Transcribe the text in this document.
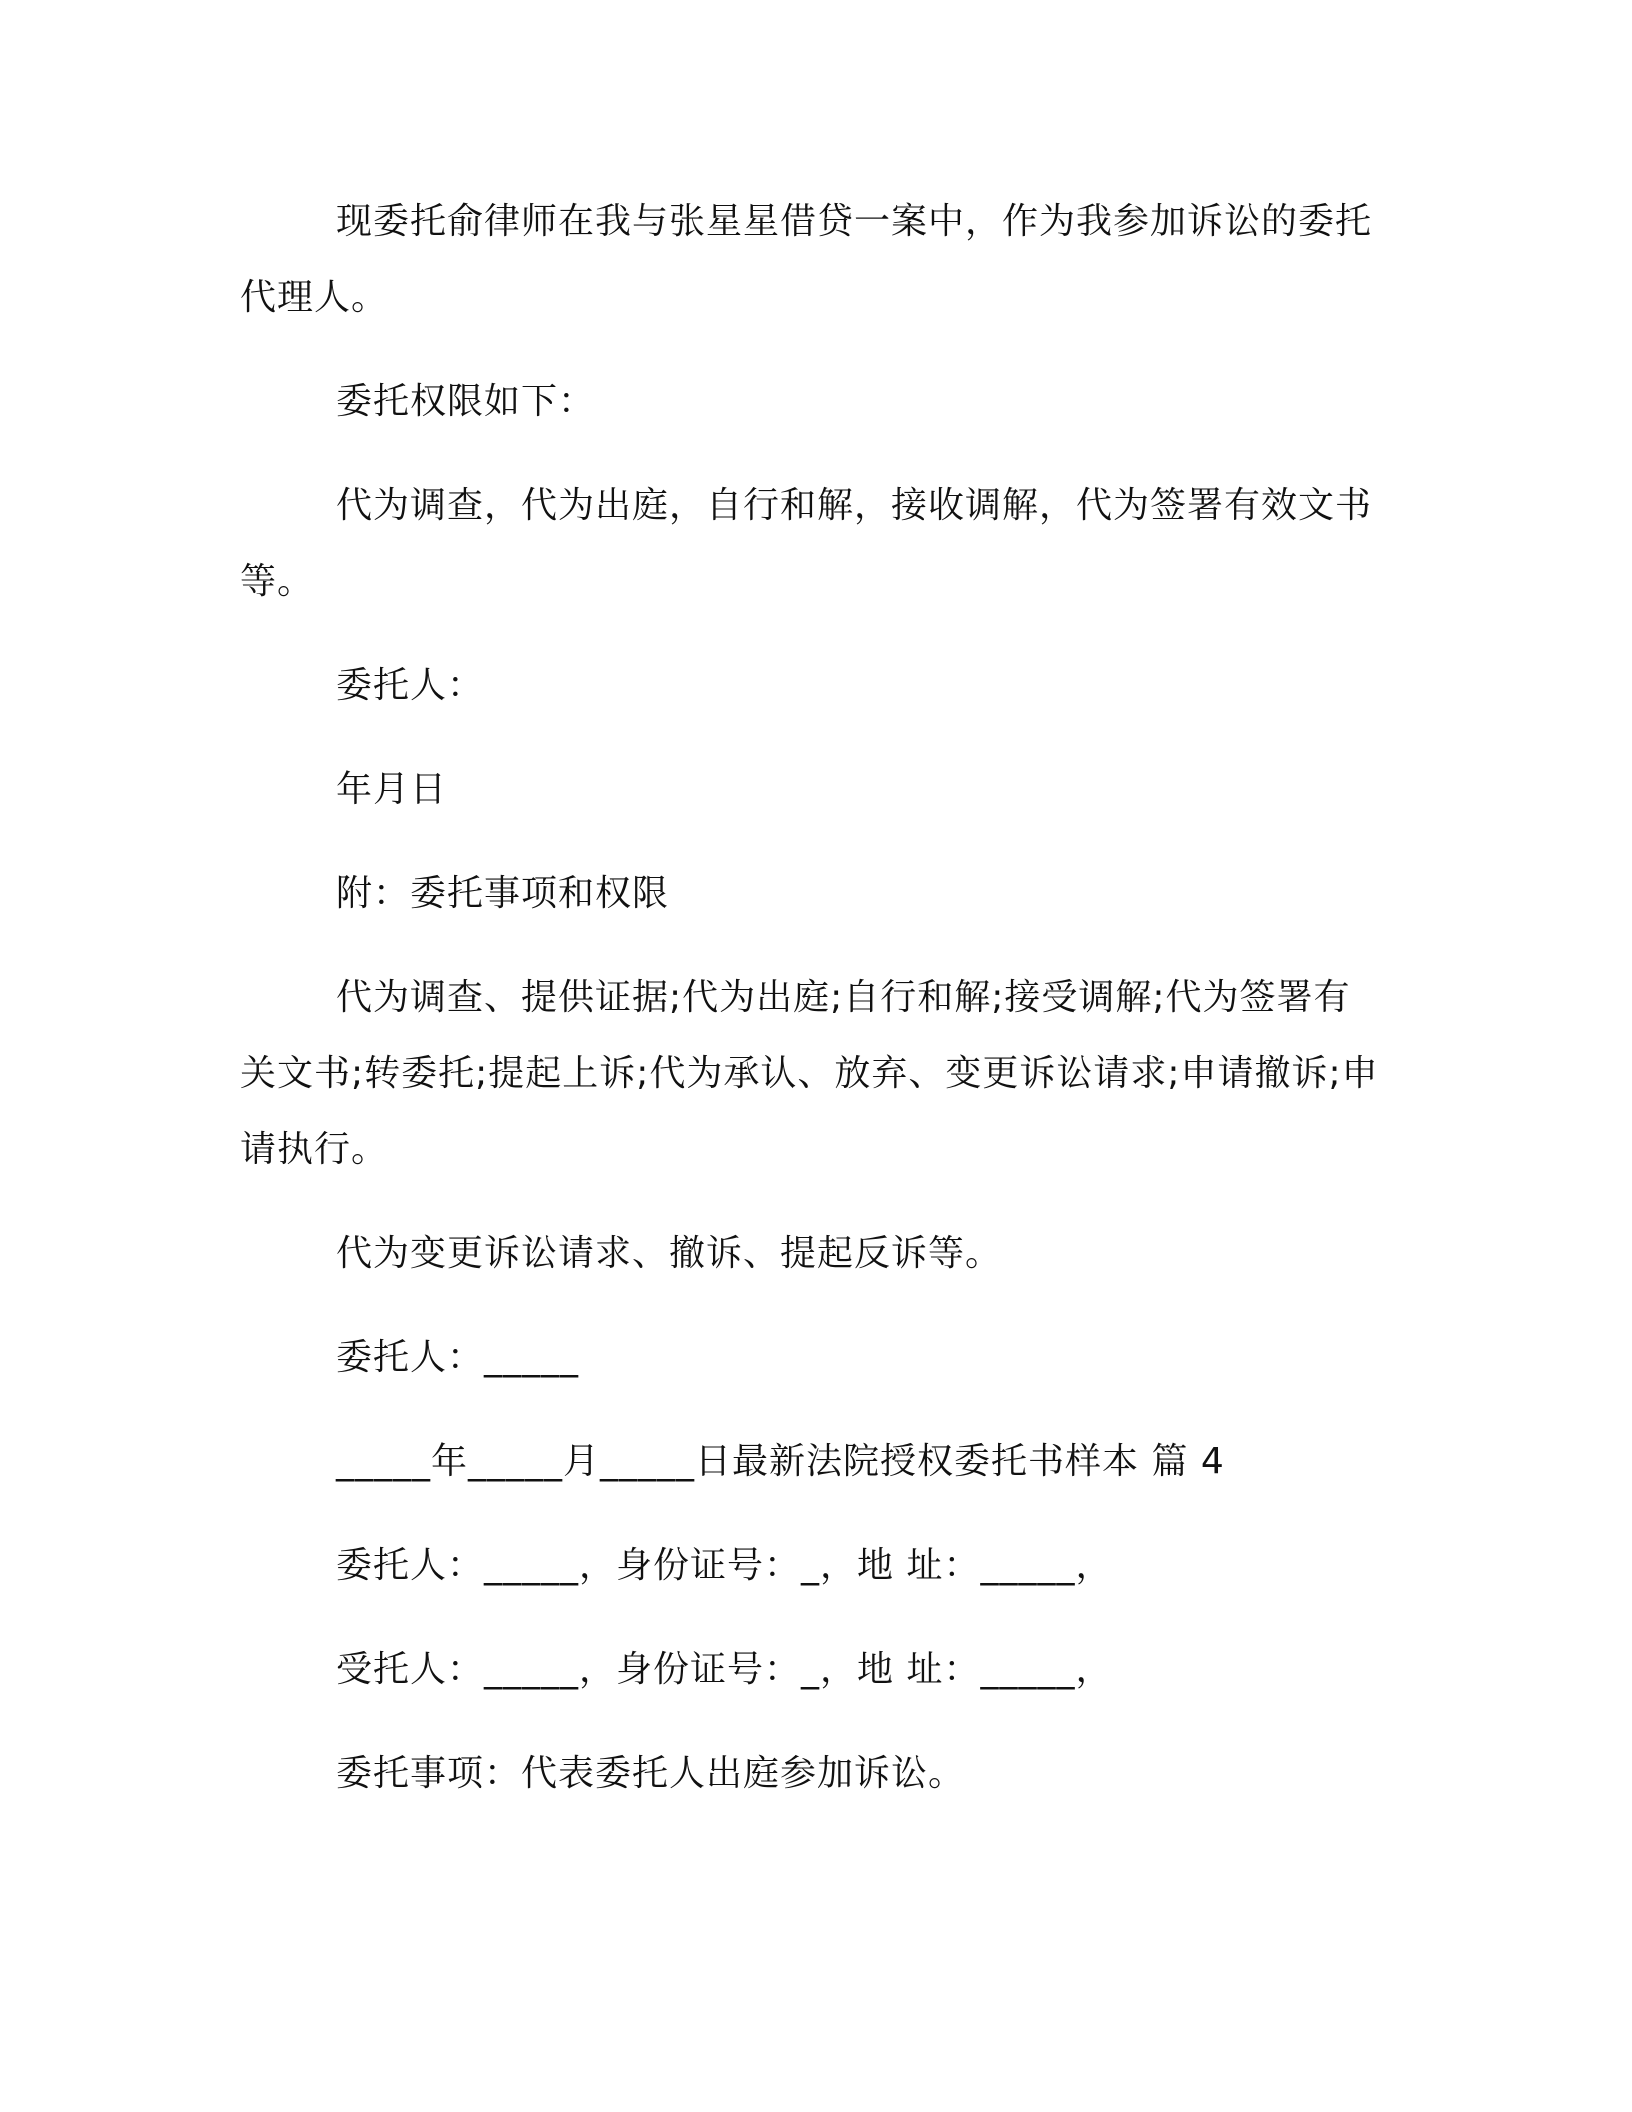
现委托俞律师在我与张星星借贷一案中，作为我参加诉讼的委托代理人。

委托权限如下：

代为调查，代为出庭，自行和解，接收调解，代为签署有效文书等。

委托人：

年月日

附：委托事项和权限

代为调查、提供证据;代为出庭;自行和解;接受调解;代为签署有关文书;转委托;提起上诉;代为承认、放弃、变更诉讼请求;申请撤诉;申请执行。

代为变更诉讼请求、撤诉、提起反诉等。

委托人：_____

_____年_____月_____日最新法院授权委托书样本 篇 4

委托人：_____，身份证号：_，地 址：_____，

受托人：_____，身份证号：_，地 址：_____，

委托事项：代表委托人出庭参加诉讼。
